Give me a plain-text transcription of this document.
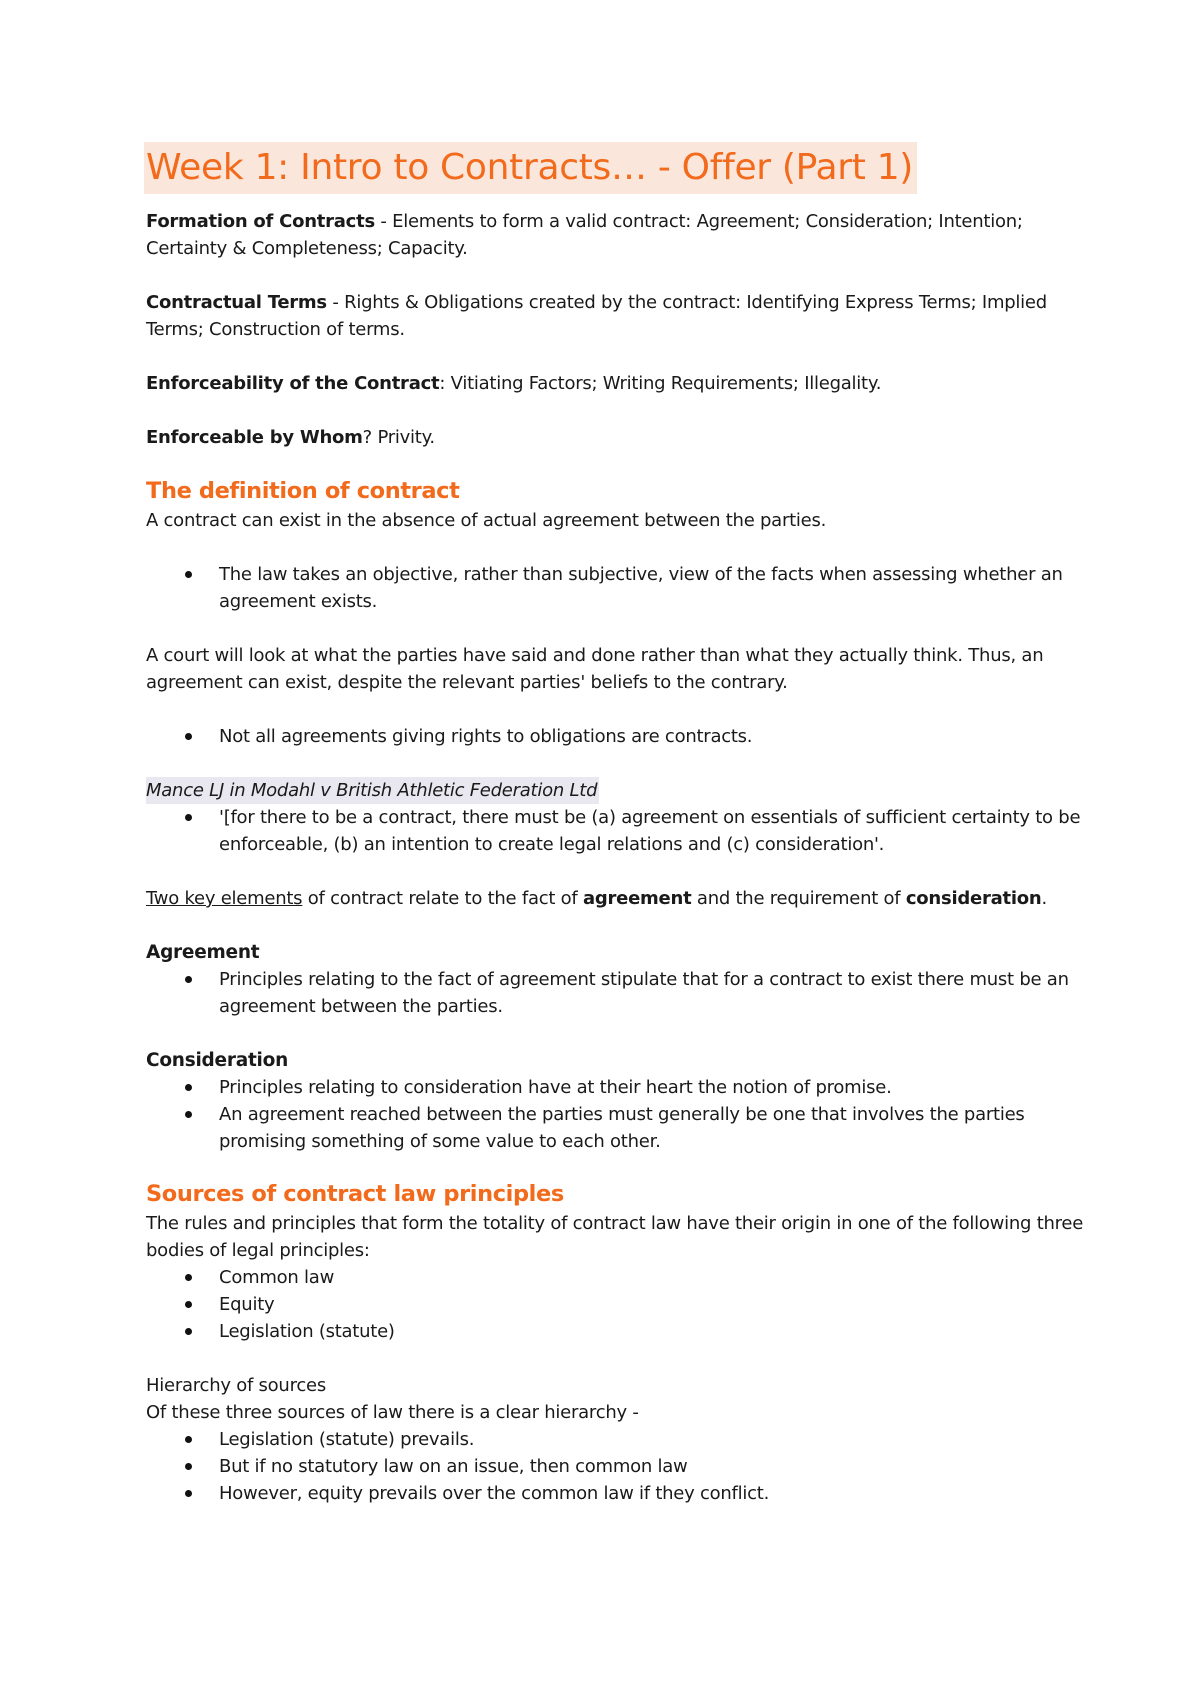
Week 1: Intro to Contracts… - Offer (Part 1)

Formation of Contracts - Elements to form a valid contract: Agreement; Consideration; Intention; Certainty & Completeness; Capacity.

Contractual Terms - Rights & Obligations created by the contract: Identifying Express Terms; Implied Terms; Construction of terms.

Enforceability of the Contract: Vitiating Factors; Writing Requirements; Illegality.

Enforceable by Whom? Privity.

The definition of contract

A contract can exist in the absence of actual agreement between the parties.

The law takes an objective, rather than subjective, view of the facts when assessing whether an agreement exists.

A court will look at what the parties have said and done rather than what they actually think. Thus, an agreement can exist, despite the relevant parties' beliefs to the contrary.

Not all agreements giving rights to obligations are contracts.

Mance LJ in Modahl v British Athletic Federation Ltd

'[for there to be a contract, there must be (a) agreement on essentials of sufficient certainty to be enforceable, (b) an intention to create legal relations and (c) consideration'.

Two key elements of contract relate to the fact of agreement and the requirement of consideration.

Agreement
Principles relating to the fact of agreement stipulate that for a contract to exist there must be an agreement between the parties.
Consideration
Principles relating to consideration have at their heart the notion of promise.
An agreement reached between the parties must generally be one that involves the parties promising something of some value to each other.
Sources of contract law principles

The rules and principles that form the totality of contract law have their origin in one of the following three bodies of legal principles:

Common law
Equity
Legislation (statute)

Hierarchy of sources

Of these three sources of law there is a clear hierarchy -

Legislation (statute) prevails.
But if no statutory law on an issue, then common law
However, equity prevails over the common law if they conflict.
